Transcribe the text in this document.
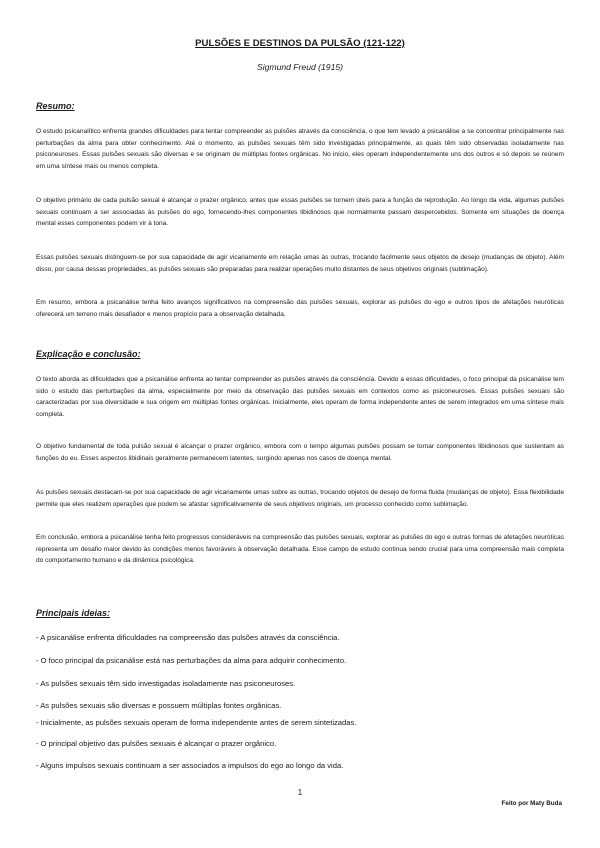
PULSÕES E DESTINOS DA PULSÃO (121-122)
Sigmund Freud (1915)
Resumo:

O estudo psicanalítico enfrenta grandes dificuldades para tentar compreender as pulsões através da consciência, o que tem levado a psicanálise a se concentrar principalmente nas perturbações da alma para obter conhecimento. Até o momento, as pulsões sexuais têm sido investigadas principalmente, as quais têm sido observadas isoladamente nas psiconeuroses. Essas pulsões sexuais são diversas e se originam de múltiplas fontes orgânicas. No início, eles operam independentemente uns dos outros e só depois se reúnem em uma síntese mais ou menos completa.

O objetivo primário de cada pulsão sexual é alcançar o prazer orgânico, antes que essas pulsões se tornem úteis para a função de reprodução. Ao longo da vida, algumas pulsões sexuais continuam a ser associadas às pulsões do ego, fornecendo-lhes componentes libidinosos que normalmente passam despercebidos. Somente em situações de doença mental esses componentes podem vir à tona.

Essas pulsões sexuais distinguem-se por sua capacidade de agir vicariamente em relação umas às outras, trocando facilmente seus objetos de desejo (mudanças de objeto). Além disso, por causa dessas propriedades, as pulsões sexuais são preparadas para realizar operações muito distantes de seus objetivos originais (sublimação).

Em resumo, embora a psicanálise tenha feito avanços significativos na compreensão das pulsões sexuais, explorar as pulsões do ego e outros tipos de afetações neuróticas oferecerá um terreno mais desafiador e menos propício para a observação detalhada.

Explicação e conclusão:

O texto aborda as dificuldades que a psicanálise enfrenta ao tentar compreender as pulsões através da consciência. Devido a essas dificuldades, o foco principal da psicanálise tem sido o estudo das perturbações da alma, especialmente por meio da observação das pulsões sexuais em contextos como as psiconeuroses. Essas pulsões sexuais são caracterizadas por sua diversidade e sua origem em múltiplas fontes orgânicas. Inicialmente, eles operam de forma independente antes de serem integrados em uma síntese mais completa.

O objetivo fundamental de toda pulsão sexual é alcançar o prazer orgânico, embora com o tempo algumas pulsões possam se tornar componentes libidinosos que sustentam as funções do eu. Esses aspectos libidinais geralmente permanecem latentes, surgindo apenas nos casos de doença mental.

As pulsões sexuais destacam-se por sua capacidade de agir vicariamente umas sobre as outras, trocando objetos de desejo de forma fluida (mudanças de objeto). Essa flexibilidade permite que eles realizem operações que podem se afastar significativamente de seus objetivos originais, um processo conhecido como sublimação.

Em conclusão, embora a psicanálise tenha feito progressos consideráveis na compreensão das pulsões sexuais, explorar as pulsões do ego e outras formas de afetações neuróticas representa um desafio maior devido às condições menos favoráveis à observação detalhada. Esse campo de estudo continua sendo crucial para uma compreensão mais completa do comportamento humano e da dinâmica psicológica.

Principais ideias:

- A psicanálise enfrenta dificuldades na compreensão das pulsões através da consciência.

- O foco principal da psicanálise está nas perturbações da alma para adquirir conhecimento.

- As pulsões sexuais têm sido investigadas isoladamente nas psiconeuroses.

- As pulsões sexuais são diversas e possuem múltiplas fontes orgânicas.

- Inicialmente, as pulsões sexuais operam de forma independente antes de serem sintetizadas.

- O principal objetivo das pulsões sexuais é alcançar o prazer orgânico.

- Alguns impulsos sexuais continuam a ser associados a impulsos do ego ao longo da vida.

1
Feito por Maty Buda
